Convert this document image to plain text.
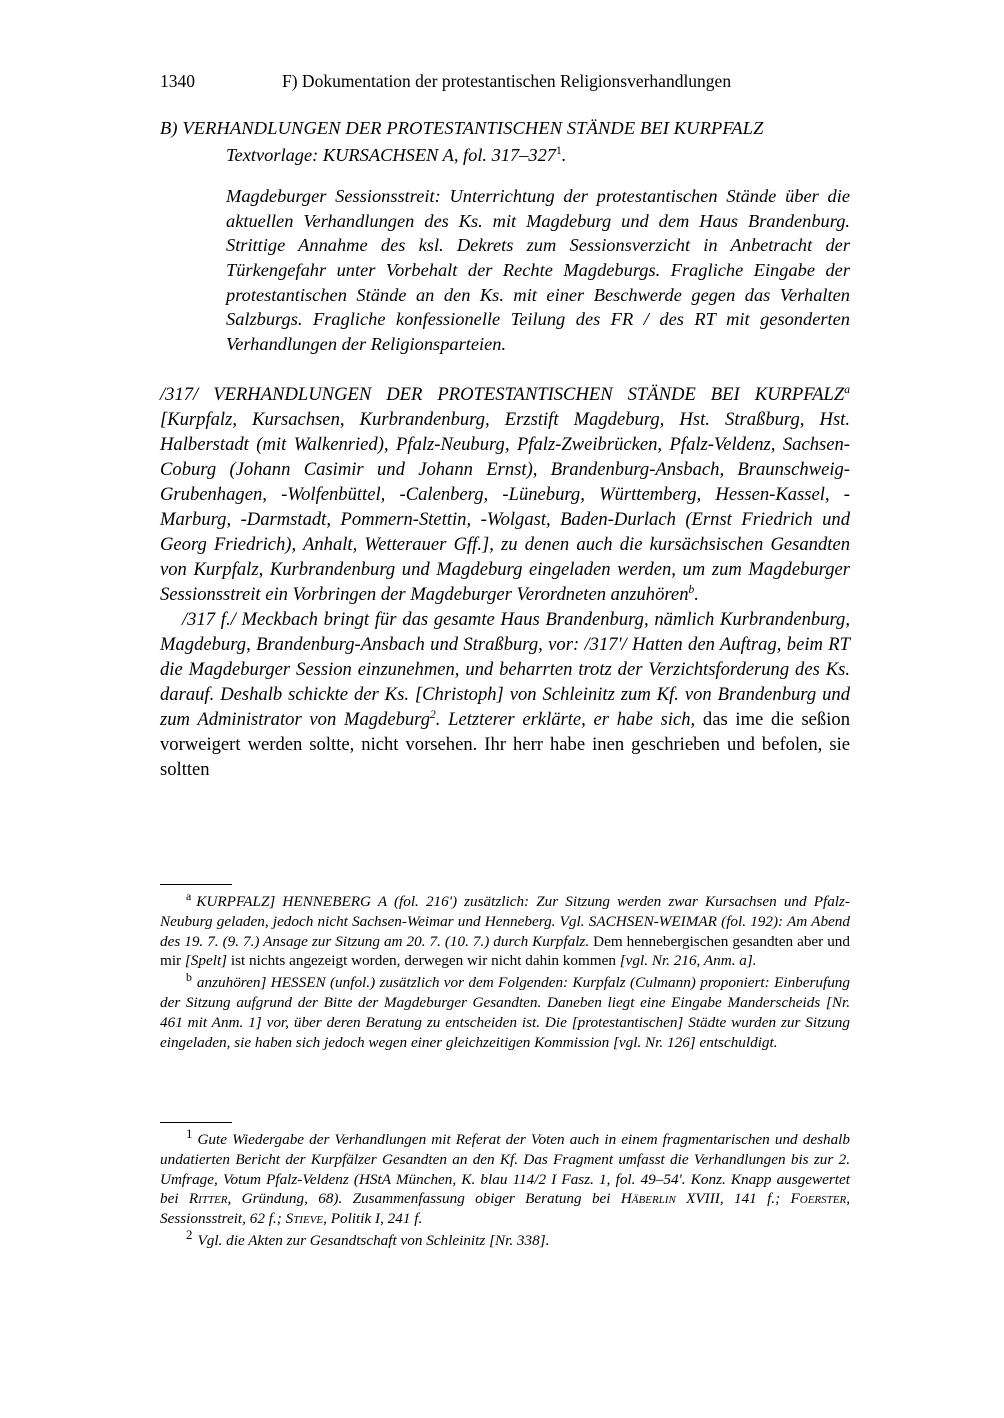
1340	F) Dokumentation der protestantischen Religionsverhandlungen
B) VERHANDLUNGEN DER PROTESTANTISCHEN STÄNDE BEI KURPFALZ
Textvorlage: KURSACHSEN A, fol. 317–327$^1$.
Magdeburger Sessionsstreit: Unterrichtung der protestantischen Stände über die aktuellen Verhandlungen des Ks. mit Magdeburg und dem Haus Brandenburg. Strittige Annahme des ksl. Dekrets zum Sessionsverzicht in Anbetracht der Türkengefahr unter Vorbehalt der Rechte Magdeburgs. Fragliche Eingabe der protestantischen Stände an den Ks. mit einer Beschwerde gegen das Verhalten Salzburgs. Fragliche konfessionelle Teilung des FR / des RT mit gesonderten Verhandlungen der Religionsparteien.

/317/ VERHANDLUNGEN DER PROTESTANTISCHEN STÄNDE BEI KURPFALZ$^a$ [Kurpfalz, Kursachsen, Kurbrandenburg, Erzstift Magdeburg, Hst. Straßburg, Hst. Halberstadt (mit Walkenried), Pfalz-Neuburg, Pfalz-Zweibrücken, Pfalz-Veldenz, Sachsen-Coburg (Johann Casimir und Johann Ernst), Brandenburg-Ansbach, Braunschweig-Grubenhagen, -Wolfenbüttel, -Calenberg, -Lüneburg, Württemberg, Hessen-Kassel, -Marburg, -Darmstadt, Pommern-Stettin, -Wolgast, Baden-Durlach (Ernst Friedrich und Georg Friedrich), Anhalt, Wetterauer Gff.], zu denen auch die kursächsischen Gesandten von Kurpfalz, Kurbrandenburg und Magdeburg eingeladen werden, um zum Magdeburger Sessionsstreit ein Vorbringen der Magdeburger Verordneten anzuhören$^b$.

/317 f./ Meckbach bringt für das gesamte Haus Brandenburg, nämlich Kurbrandenburg, Magdeburg, Brandenburg-Ansbach und Straßburg, vor: /317'/ Hatten den Auftrag, beim RT die Magdeburger Session einzunehmen, und beharrten trotz der Verzichtsforderung des Ks. darauf. Deshalb schickte der Ks. [Christoph] von Schleinitz zum Kf. von Brandenburg und zum Administrator von Magdeburg$^2$. Letzterer erklärte, er habe sich, das ime die seßion vorweigert werden soltte, nicht vorsehen. Ihr herr habe inen geschrieben und befolen, sie soltten

$^a$ KURPFALZ] HENNEBERG A (fol. 216') zusätzlich: Zur Sitzung werden zwar Kursachsen und Pfalz-Neuburg geladen, jedoch nicht Sachsen-Weimar und Henneberg. Vgl. SACHSEN-WEIMAR (fol. 192): Am Abend des 19. 7. (9. 7.) Ansage zur Sitzung am 20. 7. (10. 7.) durch Kurpfalz. Dem hennebergischen gesandten aber und mir [Spelt] ist nichts angezeigt worden, derwegen wir nicht dahin kommen [vgl. Nr. 216, Anm. a].

$^b$ anzuhören] HESSEN (unfol.) zusätzlich vor dem Folgenden: Kurpfalz (Culmann) proponiert: Einberufung der Sitzung aufgrund der Bitte der Magdeburger Gesandten. Daneben liegt eine Eingabe Manderscheids [Nr. 461 mit Anm. 1] vor, über deren Beratung zu entscheiden ist. Die [protestantischen] Städte wurden zur Sitzung eingeladen, sie haben sich jedoch wegen einer gleichzeitigen Kommission [vgl. Nr. 126] entschuldigt.

$^1$ Gute Wiedergabe der Verhandlungen mit Referat der Voten auch in einem fragmentarischen und deshalb undatierten Bericht der Kurpfälzer Gesandten an den Kf. Das Fragment umfasst die Verhandlungen bis zur 2. Umfrage, Votum Pfalz-Veldenz (HStA München, K. blau 114/2 I Fasz. 1, fol. 49–54'. Konz. Knapp ausgewertet bei Ritter, Gründung, 68). Zusammenfassung obiger Beratung bei Häberlin XVIII, 141 f.; Foerster, Sessionsstreit, 62 f.; Stieve, Politik I, 241 f.

$^2$ Vgl. die Akten zur Gesandtschaft von Schleinitz [Nr. 338].
